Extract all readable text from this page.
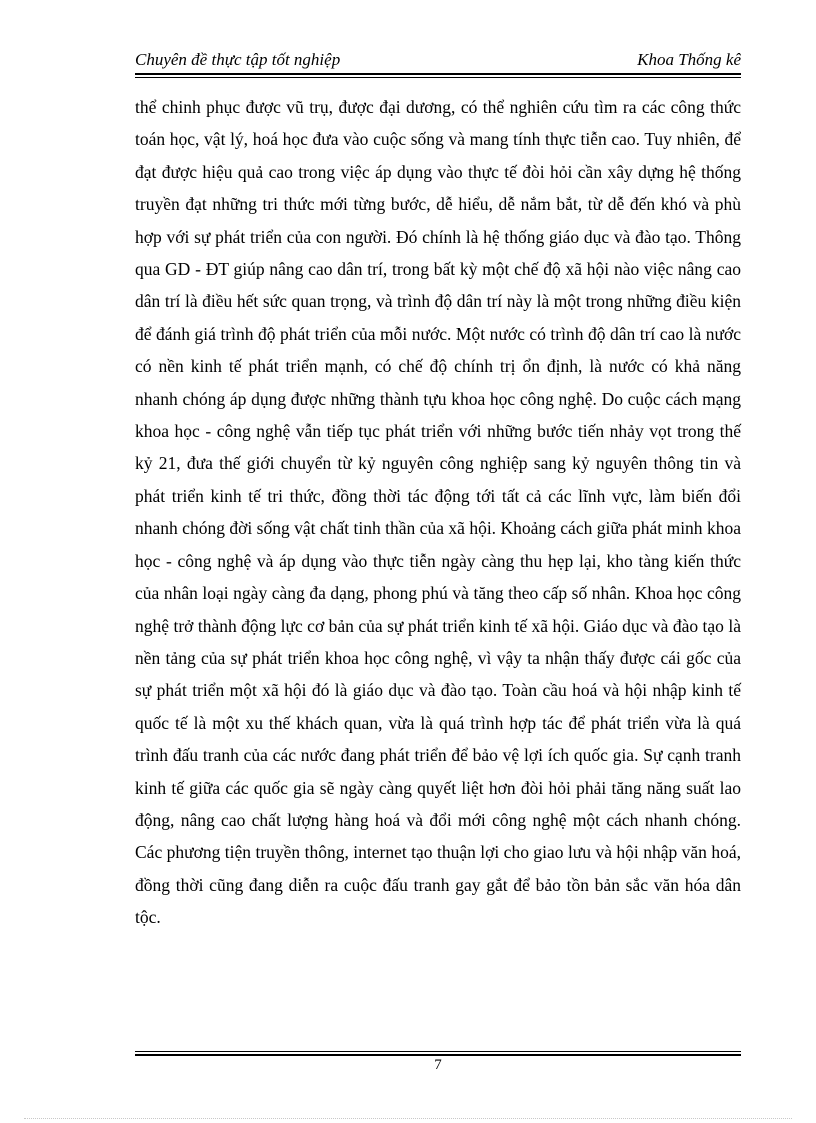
Chuyên đề thực tập tốt nghiệp	Khoa Thống kê

thể chinh phục được vũ trụ, được đại dương, có thể nghiên cứu tìm ra các công thức toán học, vật lý, hoá học đưa vào cuộc sống và mang tính thực tiễn cao. Tuy nhiên, để đạt được hiệu quả cao trong việc áp dụng vào thực tế đòi hỏi cần xây dựng hệ thống truyền đạt những tri thức mới từng bước, dễ hiểu, dễ nắm bắt, từ dễ đến khó và phù hợp với sự phát triển của con người. Đó chính là hệ thống giáo dục và đào tạo. Thông qua GD - ĐT giúp nâng cao dân trí, trong bất kỳ một chế độ xã hội nào việc nâng cao dân trí là điều hết sức quan trọng, và trình độ dân trí này là một trong những điều kiện để đánh giá trình độ phát triển của mỗi nước. Một nước có trình độ dân trí cao là nước có nền kinh tế phát triển mạnh, có chế độ chính trị ổn định, là nước có khả năng nhanh chóng áp dụng được những thành tựu khoa học công nghệ. Do cuộc cách mạng khoa học - công nghệ vẫn tiếp tục phát triển với những bước tiến nhảy vọt trong thế kỷ 21, đưa thế giới chuyển từ kỷ nguyên công nghiệp sang kỷ nguyên thông tin và phát triển kinh tế tri thức, đồng thời tác động tới tất cả các lĩnh vực, làm biến đổi nhanh chóng đời sống vật chất tinh thần của xã hội. Khoảng cách giữa phát minh khoa học - công nghệ và áp dụng vào thực tiễn ngày càng thu hẹp lại, kho tàng kiến thức của nhân loại ngày càng đa dạng, phong phú và tăng theo cấp số nhân. Khoa học công nghệ trở thành động lực cơ bản của sự phát triển kinh tế xã hội. Giáo dục và đào tạo là nền tảng của sự phát triển khoa học công nghệ, vì vậy ta nhận thấy được cái gốc của sự phát triển một xã hội đó là giáo dục và đào tạo. Toàn cầu hoá và hội nhập kinh tế quốc tế là một xu thế khách quan, vừa là quá trình hợp tác để phát triển vừa là quá trình đấu tranh của các nước đang phát triển để bảo vệ lợi ích quốc gia. Sự cạnh tranh kinh tế giữa các quốc gia sẽ ngày càng quyết liệt hơn đòi hỏi phải tăng năng suất lao động, nâng cao chất lượng hàng hoá và đổi mới công nghệ một cách nhanh chóng. Các phương tiện truyền thông, internet tạo thuận lợi cho giao lưu và hội nhập văn hoá, đồng thời cũng đang diễn ra cuộc đấu tranh gay gắt để bảo tồn bản sắc văn hóa dân tộc.

7
